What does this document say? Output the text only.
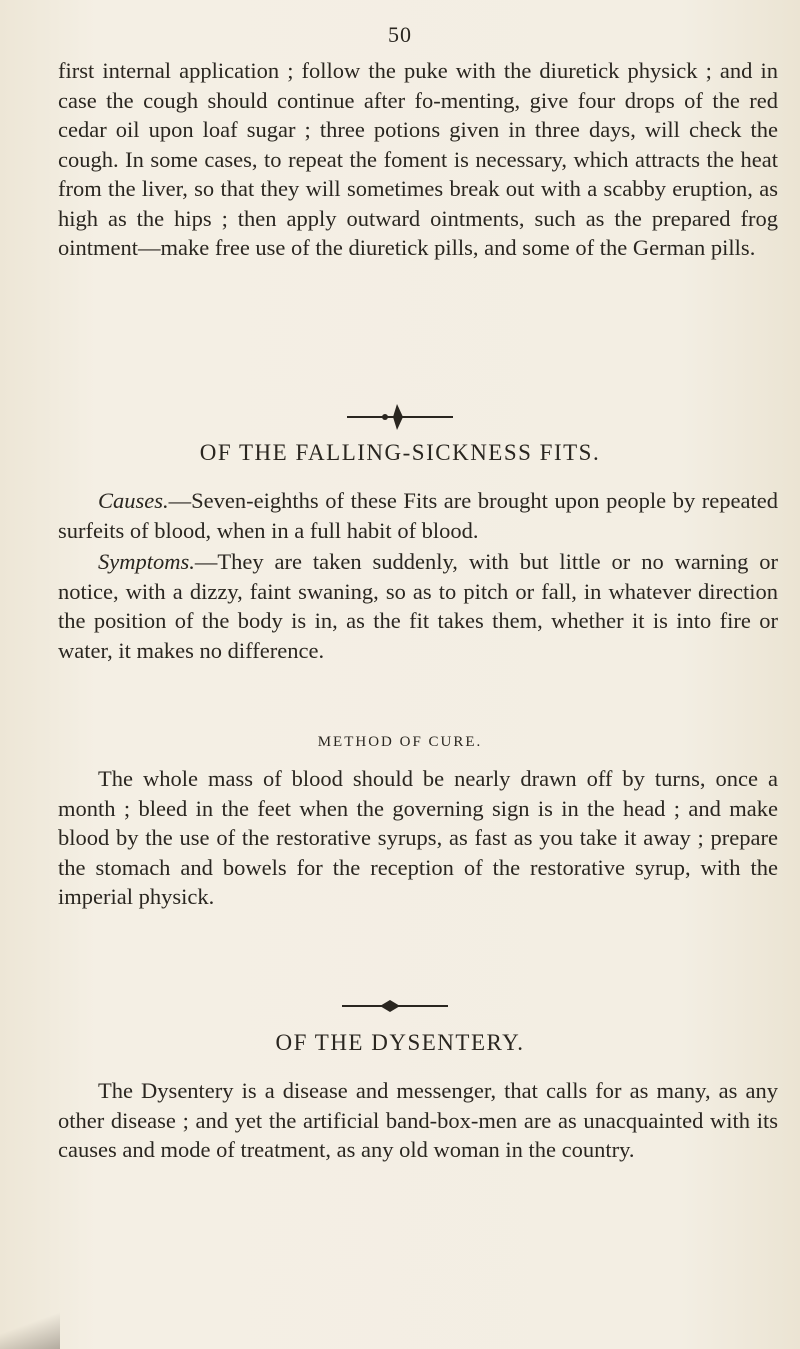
50
first internal application ; follow the puke with the diuretick physick ; and in case the cough should continue after fo-menting, give four drops of the red cedar oil upon loaf sugar ; three potions given in three days, will check the cough. In some cases, to repeat the foment is necessary, which attracts the heat from the liver, so that they will sometimes break out with a scabby eruption, as high as the hips ; then apply outward ointments, such as the prepared frog ointment—make free use of the diuretick pills, and some of the German pills.
OF THE FALLING-SICKNESS FITS.
Causes.—Seven-eighths of these Fits are brought upon people by repeated surfeits of blood, when in a full habit of blood.
Symptoms.—They are taken suddenly, with but little or no warning or notice, with a dizzy, faint swaning, so as to pitch or fall, in whatever direction the position of the body is in, as the fit takes them, whether it is into fire or water, it makes no difference.
METHOD OF CURE.
The whole mass of blood should be nearly drawn off by turns, once a month ; bleed in the feet when the governing sign is in the head ; and make blood by the use of the restorative syrups, as fast as you take it away ; prepare the stomach and bowels for the reception of the restorative syrup, with the imperial physick.
OF THE DYSENTERY.
The Dysentery is a disease and messenger, that calls for as many, as any other disease ; and yet the artificial band-box-men are as unacquainted with its causes and mode of treatment, as any old woman in the country.
